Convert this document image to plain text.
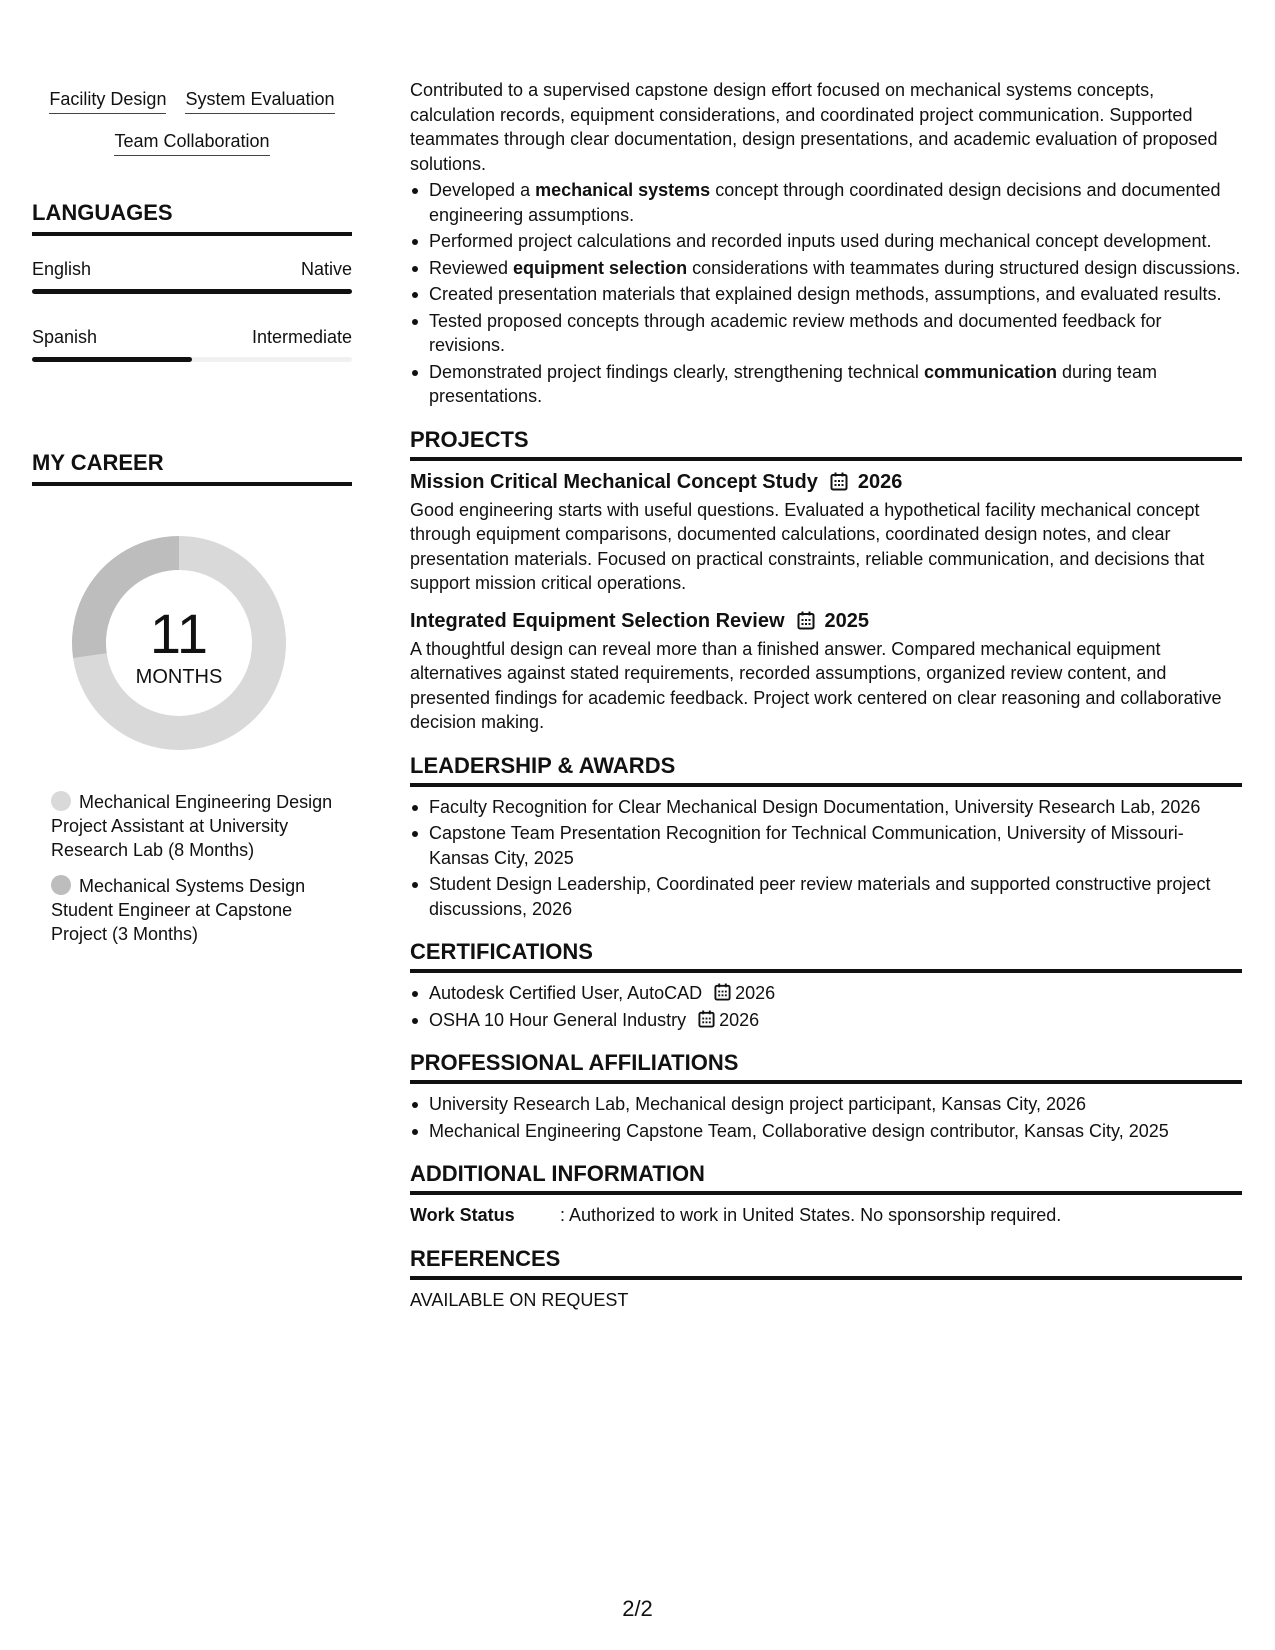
Facility Design System Evaluation
Team Collaboration
LANGUAGES
English	Native
Spanish	Intermediate
MY CAREER
11
MONTHS
Mechanical Engineering Design Project Assistant at University Research Lab (8 Months)
Mechanical Systems Design Student Engineer at Capstone Project (3 Months)

Contributed to a supervised capstone design effort focused on mechanical systems concepts, calculation records, equipment considerations, and coordinated project communication. Supported teammates through clear documentation, design presentations, and academic evaluation of proposed solutions.

Developed a mechanical systems concept through coordinated design decisions and documented engineering assumptions.
Performed project calculations and recorded inputs used during mechanical concept development.
Reviewed equipment selection considerations with teammates during structured design discussions.
Created presentation materials that explained design methods, assumptions, and evaluated results.
Tested proposed concepts through academic review methods and documented feedback for revisions.
Demonstrated project findings clearly, strengthening technical communication during team presentations.
PROJECTS
Mission Critical Mechanical Concept Study 2026

Good engineering starts with useful questions. Evaluated a hypothetical facility mechanical concept through equipment comparisons, documented calculations, coordinated design notes, and clear presentation materials. Focused on practical constraints, reliable communication, and decisions that support mission critical operations.

Integrated Equipment Selection Review 2025

A thoughtful design can reveal more than a finished answer. Compared mechanical equipment alternatives against stated requirements, recorded assumptions, organized review content, and presented findings for academic feedback. Project work centered on clear reasoning and collaborative decision making.

LEADERSHIP & AWARDS
Faculty Recognition for Clear Mechanical Design Documentation, University Research Lab, 2026
Capstone Team Presentation Recognition for Technical Communication, University of Missouri-Kansas City, 2025
Student Design Leadership, Coordinated peer review materials and supported constructive project discussions, 2026
CERTIFICATIONS
Autodesk Certified User, AutoCAD 2026
OSHA 10 Hour General Industry 2026
PROFESSIONAL AFFILIATIONS
University Research Lab, Mechanical design project participant, Kansas City, 2026
Mechanical Engineering Capstone Team, Collaborative design contributor, Kansas City, 2025
ADDITIONAL INFORMATION
Work Status	: Authorized to work in United States. No sponsorship required.
REFERENCES

AVAILABLE ON REQUEST

2/2
